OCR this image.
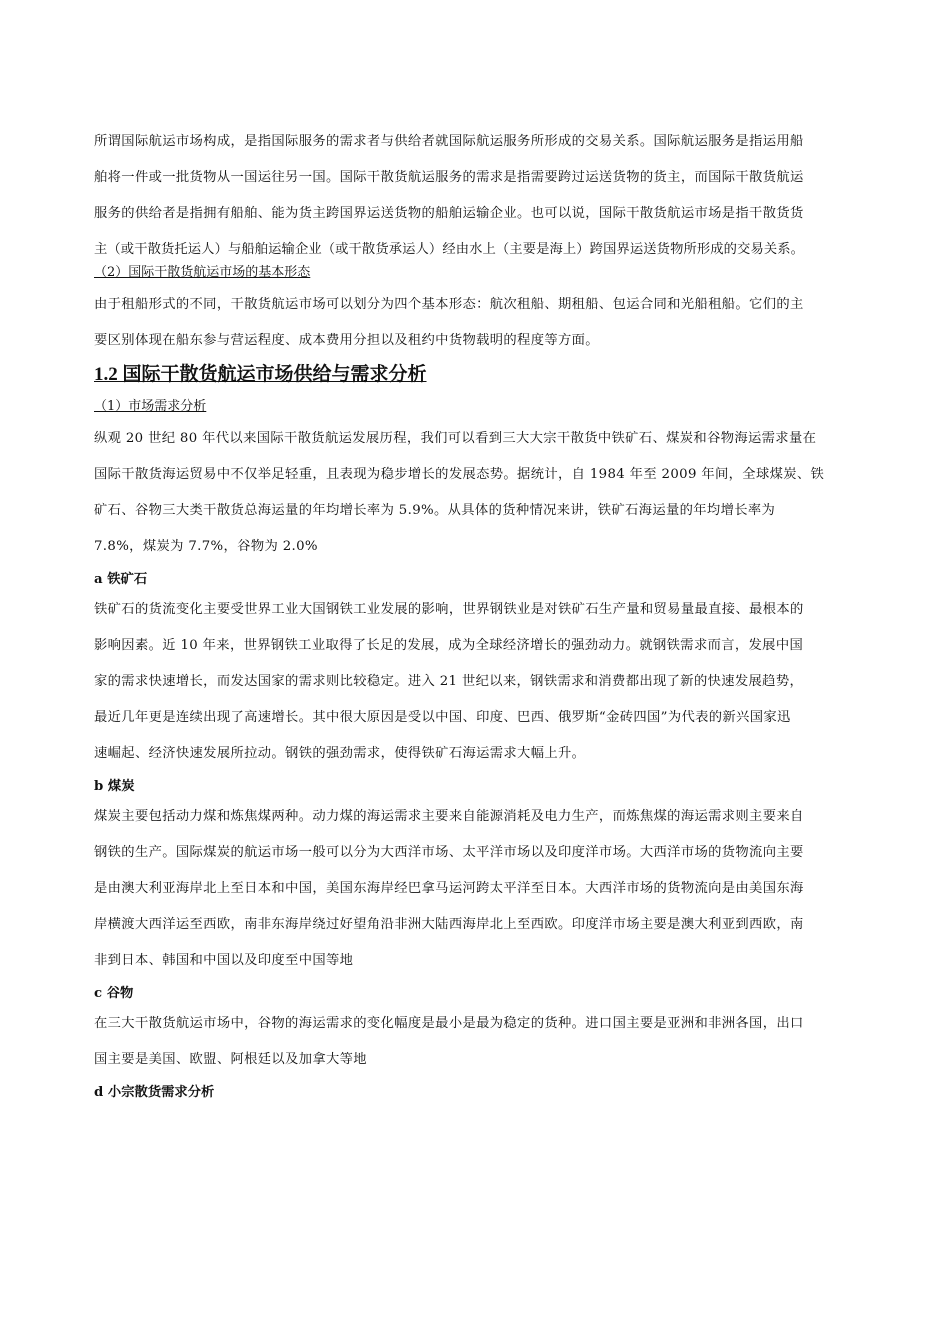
所谓国际航运市场构成，是指国际服务的需求者与供给者就国际航运服务所形成的交易关系。国际航运服务是指运用船
舶将一件或一批货物从一国运往另一国。国际干散货航运服务的需求是指需要跨过运送货物的货主，而国际干散货航运
服务的供给者是指拥有船舶、能为货主跨国界运送货物的船舶运输企业。也可以说，国际干散货航运市场是指干散货货
主（或干散货托运人）与船舶运输企业（或干散货承运人）经由水上（主要是海上）跨国界运送货物所形成的交易关系。
（2）国际干散货航运市场的基本形态
由于租船形式的不同，干散货航运市场可以划分为四个基本形态：航次租船、期租船、包运合同和光船租船。它们的主
要区别体现在船东参与营运程度、成本费用分担以及租约中货物载明的程度等方面。
1.2 国际干散货航运市场供给与需求分析
（1）市场需求分析
纵观 20 世纪 80 年代以来国际干散货航运发展历程，我们可以看到三大大宗干散货中铁矿石、煤炭和谷物海运需求量在
国际干散货海运贸易中不仅举足轻重，且表现为稳步增长的发展态势。据统计，自 1984 年至 2009 年间，全球煤炭、铁
矿石、谷物三大类干散货总海运量的年均增长率为 5.9%。从具体的货种情况来讲，铁矿石海运量的年均增长率为
7.8%，煤炭为 7.7%，谷物为 2.0%
a 铁矿石
铁矿石的货流变化主要受世界工业大国钢铁工业发展的影响，世界钢铁业是对铁矿石生产量和贸易量最直接、最根本的
影响因素。近 10 年来，世界钢铁工业取得了长足的发展，成为全球经济增长的强劲动力。就钢铁需求而言，发展中国
家的需求快速增长，而发达国家的需求则比较稳定。进入 21 世纪以来，钢铁需求和消费都出现了新的快速发展趋势，
最近几年更是连续出现了高速增长。其中很大原因是受以中国、印度、巴西、俄罗斯“金砖四国”为代表的新兴国家迅
速崛起、经济快速发展所拉动。钢铁的强劲需求，使得铁矿石海运需求大幅上升。
b 煤炭
煤炭主要包括动力煤和炼焦煤两种。动力煤的海运需求主要来自能源消耗及电力生产，而炼焦煤的海运需求则主要来自
钢铁的生产。国际煤炭的航运市场一般可以分为大西洋市场、太平洋市场以及印度洋市场。大西洋市场的货物流向主要
是由澳大利亚海岸北上至日本和中国，美国东海岸经巴拿马运河跨太平洋至日本。大西洋市场的货物流向是由美国东海
岸横渡大西洋运至西欧，南非东海岸绕过好望角沿非洲大陆西海岸北上至西欧。印度洋市场主要是澳大利亚到西欧，南
非到日本、韩国和中国以及印度至中国等地
c 谷物
在三大干散货航运市场中，谷物的海运需求的变化幅度是最小是最为稳定的货种。进口国主要是亚洲和非洲各国，出口
国主要是美国、欧盟、阿根廷以及加拿大等地
d 小宗散货需求分析
